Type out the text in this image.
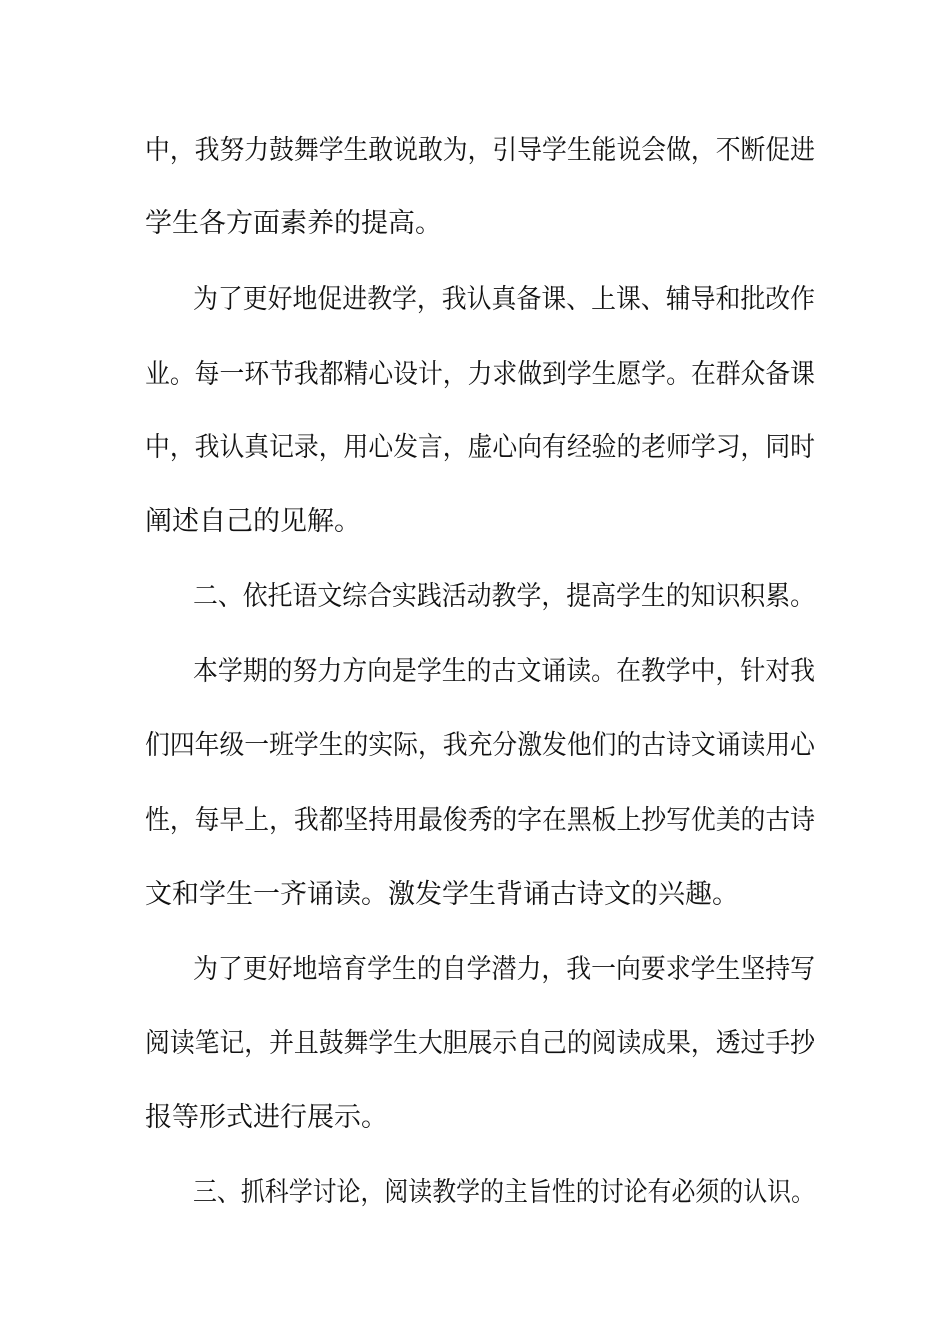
中，我努力鼓舞学生敢说敢为，引导学生能说会做，不断促进
学生各方面素养的提高。
为了更好地促进教学，我认真备课、上课、辅导和批改作
业。每一环节我都精心设计，力求做到学生愿学。在群众备课
中，我认真记录，用心发言，虚心向有经验的老师学习，同时
阐述自己的见解。
二、依托语文综合实践活动教学，提高学生的知识积累。
本学期的努力方向是学生的古文诵读。在教学中，针对我
们四年级一班学生的实际，我充分激发他们的古诗文诵读用心
性，每早上，我都坚持用最俊秀的字在黑板上抄写优美的古诗
文和学生一齐诵读。激发学生背诵古诗文的兴趣。
为了更好地培育学生的自学潜力，我一向要求学生坚持写
阅读笔记，并且鼓舞学生大胆展示自己的阅读成果，透过手抄
报等形式进行展示。
三、抓科学讨论，阅读教学的主旨性的讨论有必须的认识。
